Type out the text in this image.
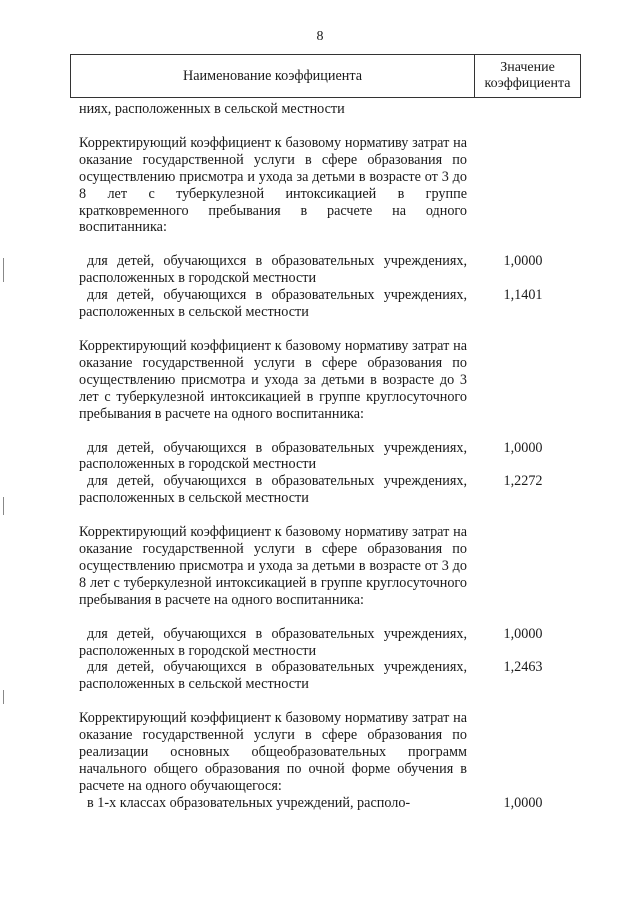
8
Наименование коэффициента	Значение
коэффициента
ниях, расположенных в сельской местности
Корректирующий коэффициент к базовому нормативу затрат на оказание государственной услуги в сфере образования по осуществлению присмотра и ухода за детьми в возрасте от 3 до 8 лет с туберкулезной интоксикацией в группе кратковременного пребывания в расчете на одного воспитанника:
для детей, обучающихся в образовательных учреждениях, расположенных в городской местности
1,0000
для детей, обучающихся в образовательных учреждениях, расположенных в сельской местности
1,1401
Корректирующий коэффициент к базовому нормативу затрат на оказание государственной услуги в сфере образования по осуществлению присмотра и ухода за детьми в возрасте до 3 лет с туберкулезной интоксикацией в группе круглосуточного пребывания в расчете на одного воспитанника:
для детей, обучающихся в образовательных учреждениях, расположенных в городской местности
1,0000
для детей, обучающихся в образовательных учреждениях, расположенных в сельской местности
1,2272
Корректирующий коэффициент к базовому нормативу затрат на оказание государственной услуги в сфере образования по осуществлению присмотра и ухода за детьми в возрасте от 3 до 8 лет с туберкулезной интоксикацией в группе круглосуточного пребывания в расчете на одного воспитанника:
для детей, обучающихся в образовательных учреждениях, расположенных в городской местности
1,0000
для детей, обучающихся в образовательных учреждениях, расположенных в сельской местности
1,2463
Корректирующий коэффициент к базовому нормативу затрат на оказание государственной услуги в сфере образования по реализации основных общеобразовательных программ начального общего образования по очной форме обучения в расчете на одного обучающегося:
в 1-х классах образовательных учреждений, располо-	1,0000
